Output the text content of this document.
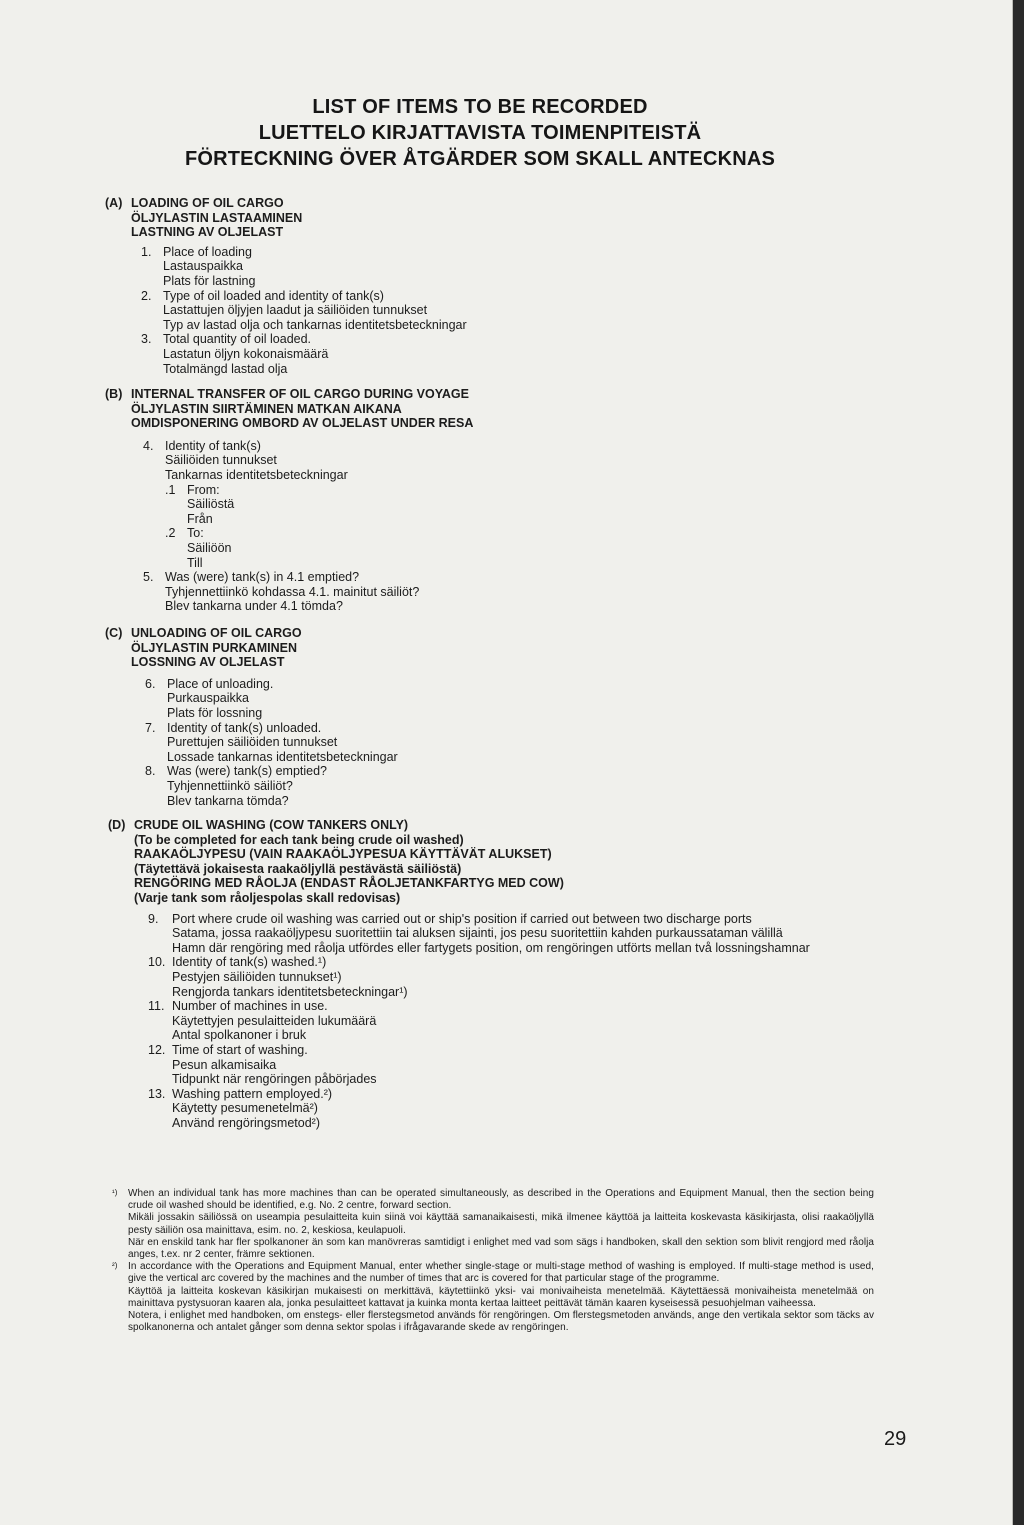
LIST OF ITEMS TO BE RECORDED
LUETTELO KIRJATTAVISTA TOIMENPITEISTÄ
FÖRTECKNING ÖVER ÅTGÄRDER SOM SKALL ANTECKNAS
(A) LOADING OF OIL CARGO
ÖLJYLASTIN LASTAAMINEN
LASTNING AV OLJELAST
1. Place of loading
Lastauspaikka
Plats för lastning
2. Type of oil loaded and identity of tank(s)
Lastattujen öljyjen laadut ja säiliöiden tunnukset
Typ av lastad olja och tankarnas identitetsbeteckningar
3. Total quantity of oil loaded.
Lastatun öljyn kokonaismäärä
Totalmängd lastad olja
(B) INTERNAL TRANSFER OF OIL CARGO DURING VOYAGE
ÖLJYLASTIN SIIRTÄMINEN MATKAN AIKANA
OMDISPONERING OMBORD AV OLJELAST UNDER RESA
4. Identity of tank(s)
Säiliöiden tunnukset
Tankarnas identitetsbeteckningar
.1 From:
Säiliöstä
Från
.2 To:
Säiliöön
Till
5. Was (were) tank(s) in 4.1 emptied?
Tyhjennettiinkö kohdassa 4.1. mainitut säiliöt?
Blev tankarna under 4.1 tömda?
(C) UNLOADING OF OIL CARGO
ÖLJYLASTIN PURKAMINEN
LOSSNING AV OLJELAST
6. Place of unloading.
Purkauspaikka
Plats för lossning
7. Identity of tank(s) unloaded.
Purettujen säiliöiden tunnukset
Lossade tankarnas identitetsbeteckningar
8. Was (were) tank(s) emptied?
Tyhjennettiinkö säiliöt?
Blev tankarna tömda?
(D) CRUDE OIL WASHING (COW TANKERS ONLY)
(To be completed for each tank being crude oil washed)
RAAKAÖLJYPESU (VAIN RAAKAÖLJYPESUA KÄYTTÄVÄT ALUKSET)
(Täytettävä jokaisesta raakaöljyllä pestävästä säiliöstä)
RENGÖRING MED RÅOLJA (ENDAST RÅOLJETANKFARTYG MED COW)
(Varje tank som råoljespolas skall redovisas)
9.	Port where crude oil washing was carried out or ship's position if carried out between two discharge ports
Satama, jossa raakaöljypesu suoritettiin tai aluksen sijainti, jos pesu suoritettiin kahden purkaussataman välillä
Hamn där rengöring med råolja utfördes eller fartygets position, om rengöringen utförts mellan två lossningshamnar
10. Identity of tank(s) washed.¹)
Pestyjen säiliöiden tunnukset¹)
Rengjorda tankars identitetsbeteckningar¹)
11. Number of machines in use.
Käytettyjen pesulaitteiden lukumäärä
Antal spolkanoner i bruk
12. Time of start of washing.
Pesun alkamisaika
Tidpunkt när rengöringen påbörjades
13. Washing pattern employed.²)
Käytetty pesumenetelmä²)
Använd rengöringsmetod²)
¹)	When an individual tank has more machines than can be operated simultaneously, as described in the Operations and Equipment Manual, then the section being crude oil washed should be identified, e.g. No. 2 centre, forward section.

Mikäli jossakin säiliössä on useampia pesulaitteita kuin siinä voi käyttää samanaikaisesti, mikä ilmenee käyttöä ja laitteita koskevasta käsikirjasta, olisi raakaöljyllä pesty säiliön osa mainittava, esim. no. 2, keskiosa, keulapuoli.

När en enskild tank har fler spolkanoner än som kan manövreras samtidigt i enlighet med vad som sägs i handboken, skall den sektion som blivit rengjord med råolja anges, t.ex. nr 2 center, främre sektionen.

²)	In accordance with the Operations and Equipment Manual, enter whether single-stage or multi-stage method of washing is employed. If multi-stage method is used, give the vertical arc covered by the machines and the number of times that arc is covered for that particular stage of the programme.

Käyttöä ja laitteita koskevan käsikirjan mukaisesti on merkittävä, käytettiinkö yksi- vai monivaiheista menetelmää. Käytettäessä monivaiheista menetelmää on mainittava pystysuoran kaaren ala, jonka pesulaitteet kattavat ja kuinka monta kertaa laitteet peittävät tämän kaaren kyseisessä pesuohjelman vaiheessa.

Notera, i enlighet med handboken, om enstegs- eller flerstegsmetod används för rengöringen. Om flerstegsmetoden används, ange den vertikala sektor som täcks av spolkanonerna och antalet gånger som denna sektor spolas i ifrågavarande skede av rengöringen.

29
